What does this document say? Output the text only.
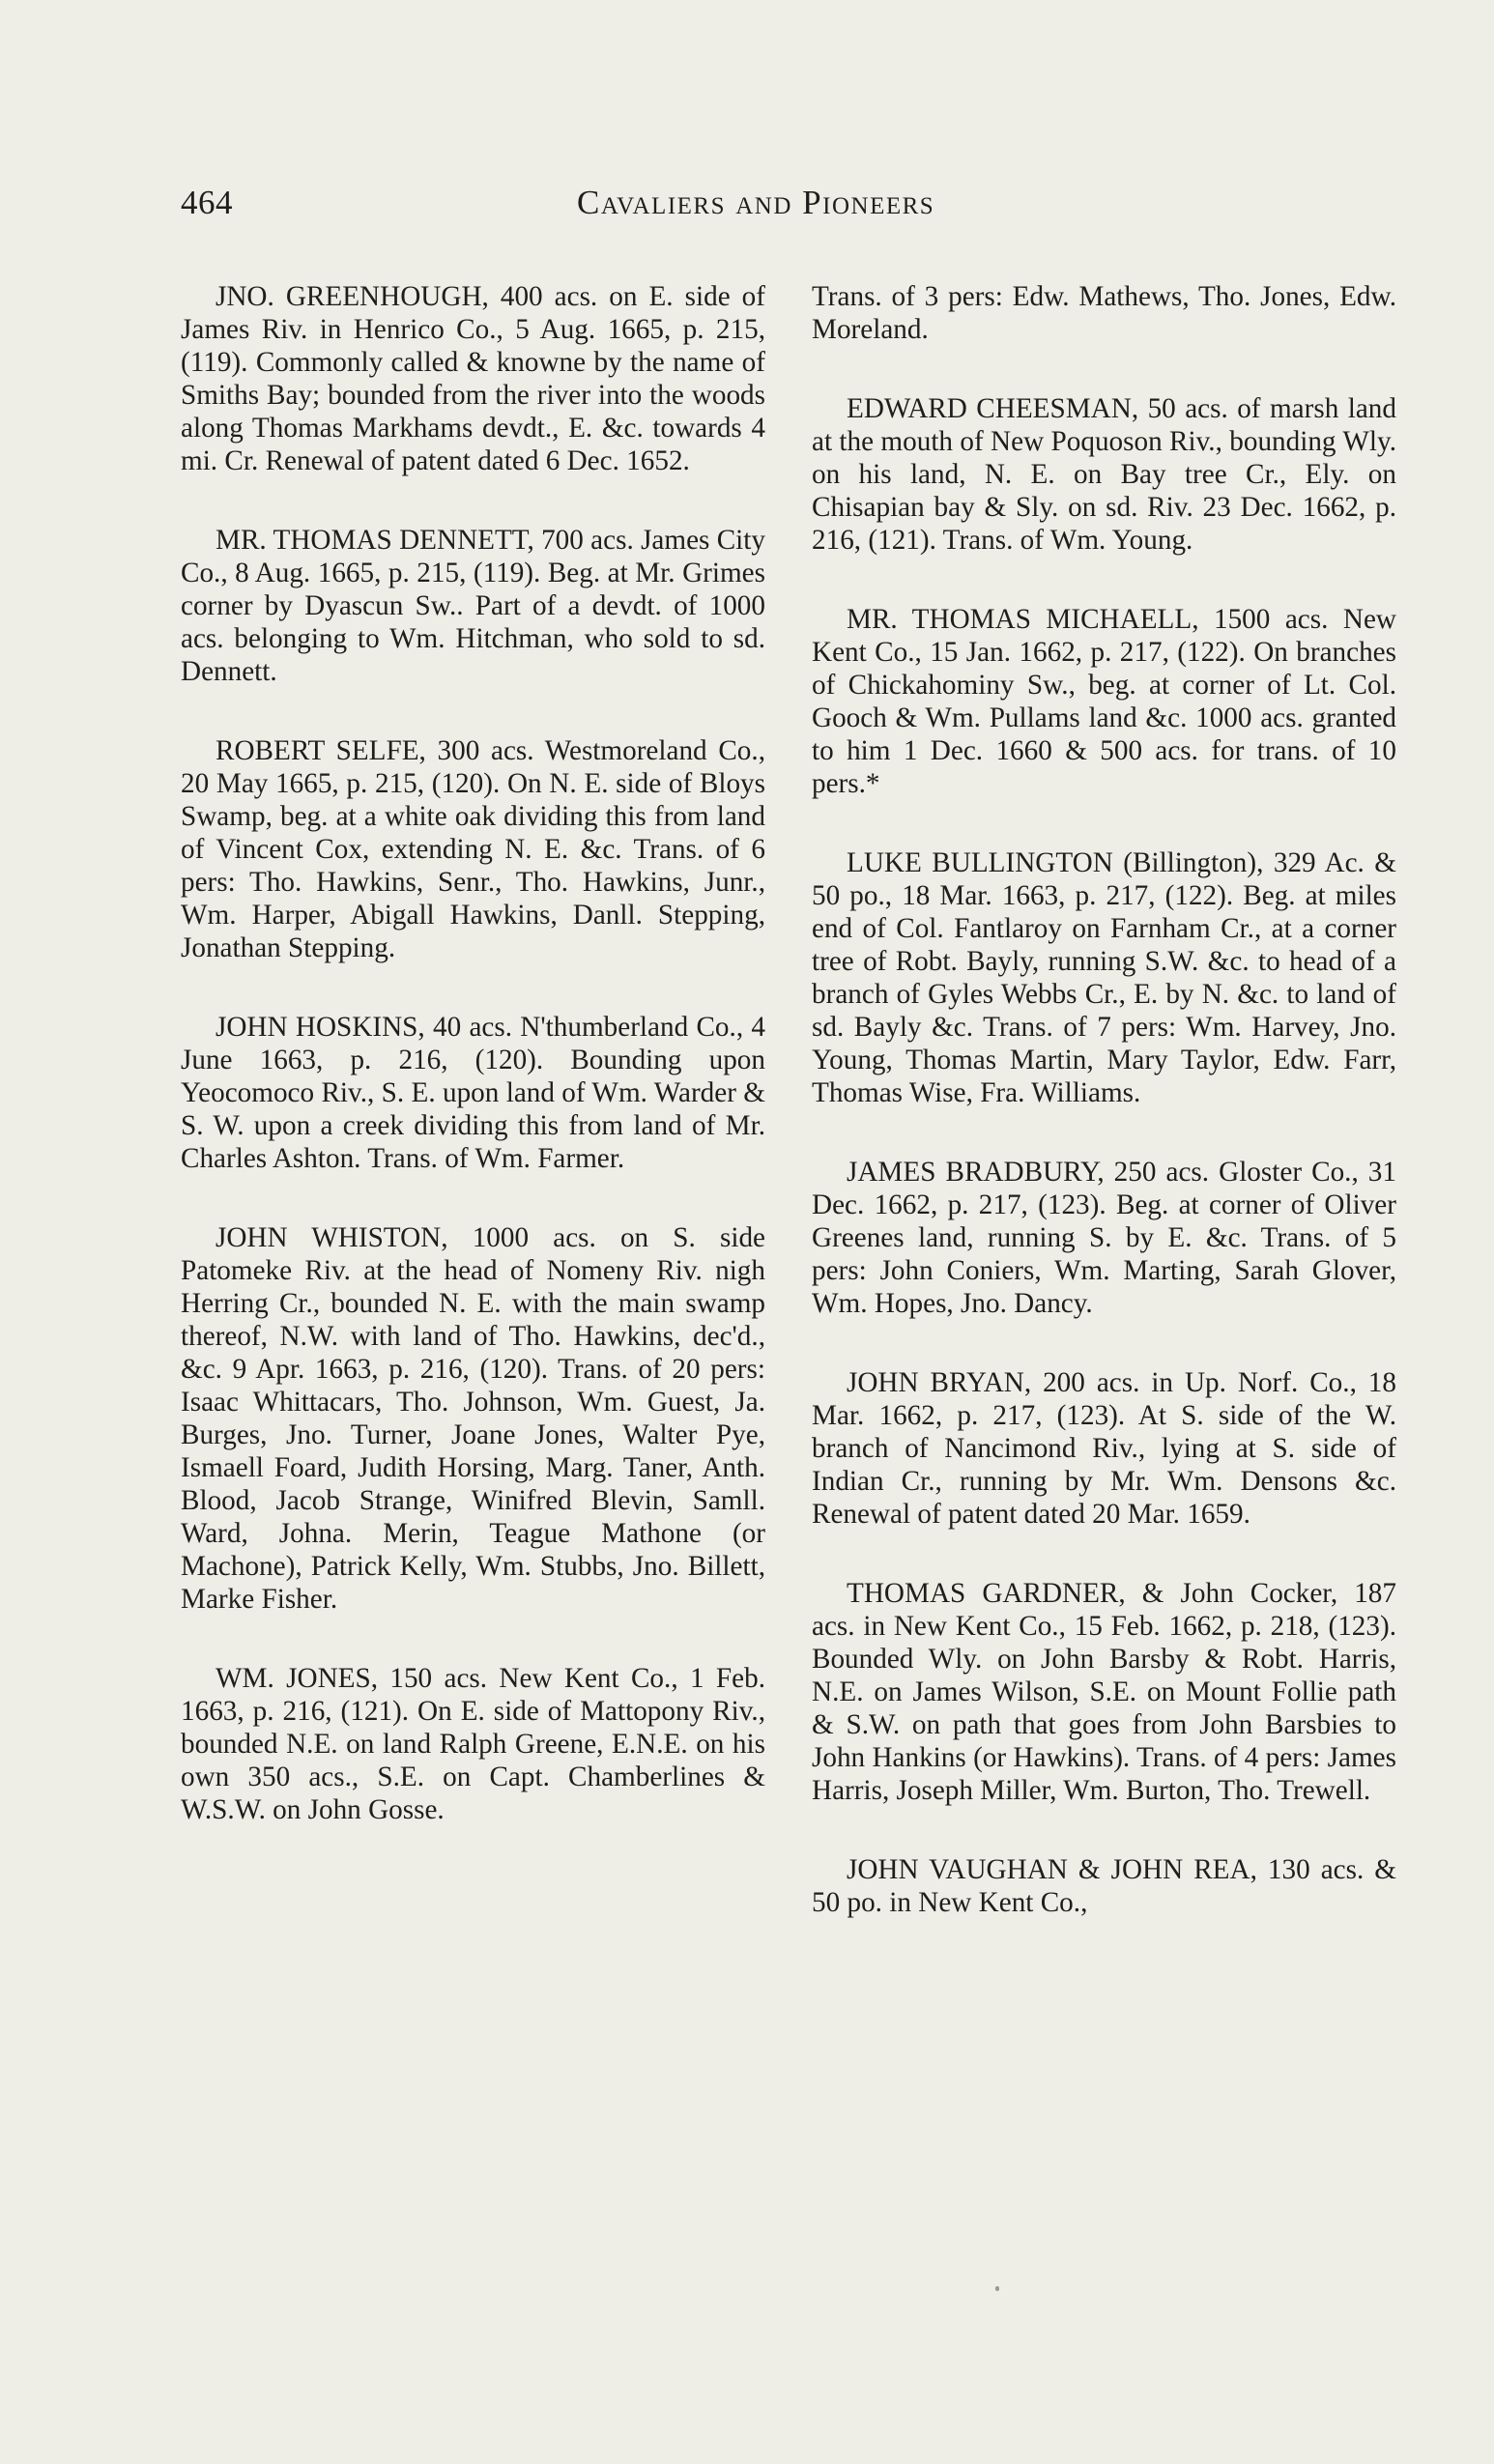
464	Cavaliers and Pioneers

JNO. GREENHOUGH, 400 acs. on E. side of James Riv. in Henrico Co., 5 Aug. 1665, p. 215, (119). Commonly called & knowne by the name of Smiths Bay; bounded from the river into the woods along Thomas Markhams devdt., E. &c. towards 4 mi. Cr. Renewal of patent dated 6 Dec. 1652.

MR. THOMAS DENNETT, 700 acs. James City Co., 8 Aug. 1665, p. 215, (119). Beg. at Mr. Grimes corner by Dyascun Sw.. Part of a devdt. of 1000 acs. belonging to Wm. Hitchman, who sold to sd. Dennett.

ROBERT SELFE, 300 acs. Westmoreland Co., 20 May 1665, p. 215, (120). On N. E. side of Bloys Swamp, beg. at a white oak dividing this from land of Vincent Cox, extending N. E. &c. Trans. of 6 pers: Tho. Hawkins, Senr., Tho. Hawkins, Junr., Wm. Harper, Abigall Hawkins, Danll. Stepping, Jonathan Stepping.

JOHN HOSKINS, 40 acs. N'thumberland Co., 4 June 1663, p. 216, (120). Bounding upon Yeocomoco Riv., S. E. upon land of Wm. Warder & S. W. upon a creek dividing this from land of Mr. Charles Ashton. Trans. of Wm. Farmer.

JOHN WHISTON, 1000 acs. on S. side Patomeke Riv. at the head of Nomeny Riv. nigh Herring Cr., bounded N. E. with the main swamp thereof, N.W. with land of Tho. Hawkins, dec'd., &c. 9 Apr. 1663, p. 216, (120). Trans. of 20 pers: Isaac Whittacars, Tho. Johnson, Wm. Guest, Ja. Burges, Jno. Turner, Joane Jones, Walter Pye, Ismaell Foard, Judith Horsing, Marg. Taner, Anth. Blood, Jacob Strange, Winifred Blevin, Samll. Ward, Johna. Merin, Teague Mathone (or Machone), Patrick Kelly, Wm. Stubbs, Jno. Billett, Marke Fisher.

WM. JONES, 150 acs. New Kent Co., 1 Feb. 1663, p. 216, (121). On E. side of Mattopony Riv., bounded N.E. on land Ralph Greene, E.N.E. on his own 350 acs., S.E. on Capt. Chamberlines & W.S.W. on John Gosse.

Trans. of 3 pers: Edw. Mathews, Tho. Jones, Edw. Moreland.

EDWARD CHEESMAN, 50 acs. of marsh land at the mouth of New Poquoson Riv., bounding Wly. on his land, N. E. on Bay tree Cr., Ely. on Chisapian bay & Sly. on sd. Riv. 23 Dec. 1662, p. 216, (121). Trans. of Wm. Young.

MR. THOMAS MICHAELL, 1500 acs. New Kent Co., 15 Jan. 1662, p. 217, (122). On branches of Chickahominy Sw., beg. at corner of Lt. Col. Gooch & Wm. Pullams land &c. 1000 acs. granted to him 1 Dec. 1660 & 500 acs. for trans. of 10 pers.*

LUKE BULLINGTON (Billington), 329 Ac. & 50 po., 18 Mar. 1663, p. 217, (122). Beg. at miles end of Col. Fantlaroy on Farnham Cr., at a corner tree of Robt. Bayly, running S.W. &c. to head of a branch of Gyles Webbs Cr., E. by N. &c. to land of sd. Bayly &c. Trans. of 7 pers: Wm. Harvey, Jno. Young, Thomas Martin, Mary Taylor, Edw. Farr, Thomas Wise, Fra. Williams.

JAMES BRADBURY, 250 acs. Gloster Co., 31 Dec. 1662, p. 217, (123). Beg. at corner of Oliver Greenes land, running S. by E. &c. Trans. of 5 pers: John Coniers, Wm. Marting, Sarah Glover, Wm. Hopes, Jno. Dancy.

JOHN BRYAN, 200 acs. in Up. Norf. Co., 18 Mar. 1662, p. 217, (123). At S. side of the W. branch of Nancimond Riv., lying at S. side of Indian Cr., running by Mr. Wm. Densons &c. Renewal of patent dated 20 Mar. 1659.

THOMAS GARDNER, & John Cocker, 187 acs. in New Kent Co., 15 Feb. 1662, p. 218, (123). Bounded Wly. on John Barsby & Robt. Harris, N.E. on James Wilson, S.E. on Mount Follie path & S.W. on path that goes from John Barsbies to John Hankins (or Hawkins). Trans. of 4 pers: James Harris, Joseph Miller, Wm. Burton, Tho. Trewell.

JOHN VAUGHAN & JOHN REA, 130 acs. & 50 po. in New Kent Co.,
